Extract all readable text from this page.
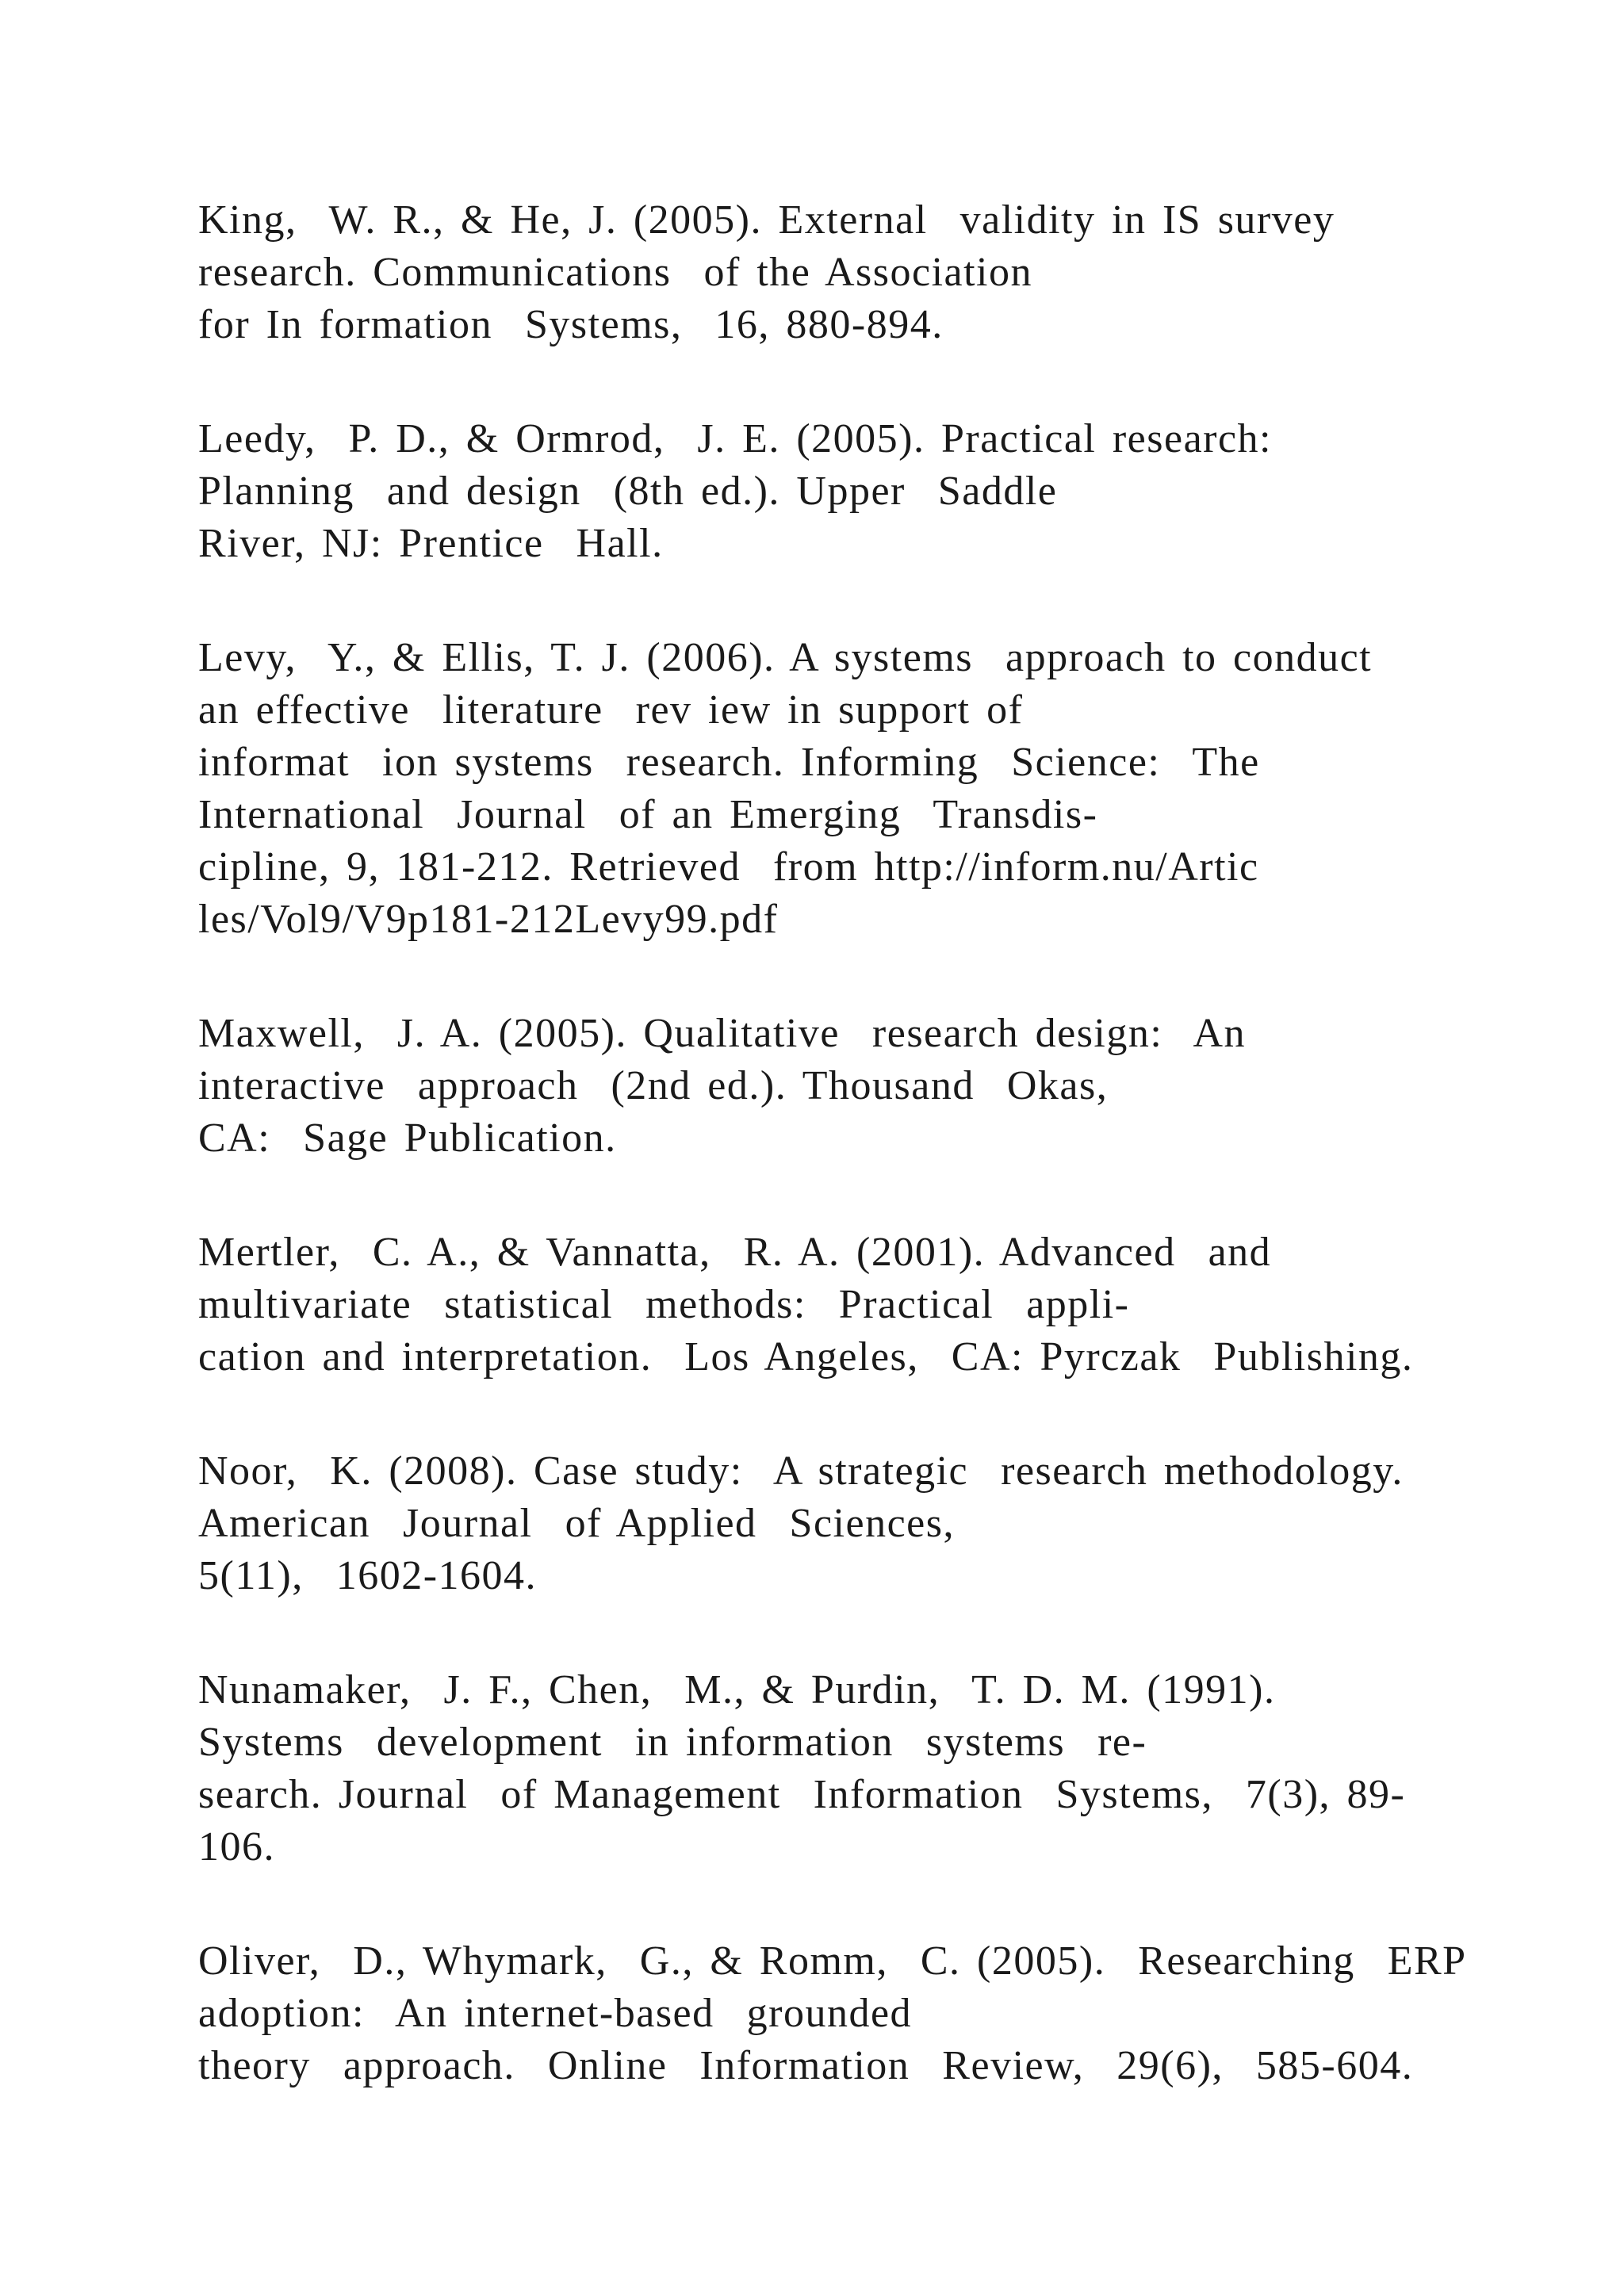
King,  W. R., & He, J. (2005). External  validity in IS survey
research. Communications  of the Association
for In formation  Systems,  16, 880-894.
Leedy,  P. D., & Ormrod,  J. E. (2005). Practical research:
Planning  and design  (8th ed.). Upper  Saddle
River, NJ: Prentice  Hall.
Levy,  Y., & Ellis, T. J. (2006). A systems  approach to conduct
an effective  literature  rev iew in support of
informat  ion systems  research. Informing  Science:  The
International  Journal  of an Emerging  Transdis-
cipline, 9, 181-212. Retrieved  from http://inform.nu/Artic
les/Vol9/V9p181-212Levy99.pdf
Maxwell,  J. A. (2005). Qualitative  research design:  An
interactive  approach  (2nd ed.). Thousand  Okas,
CA:  Sage Publication.
Mertler,  C. A., & Vannatta,  R. A. (2001). Advanced  and
multivariate  statistical  methods:  Practical  appli-
cation and interpretation.  Los Angeles,  CA: Pyrczak  Publishing.
Noor,  K. (2008). Case study:  A strategic  research methodology.
American  Journal  of Applied  Sciences,
5(11),  1602-1604.
Nunamaker,  J. F., Chen,  M., & Purdin,  T. D. M. (1991).
Systems  development  in information  systems  re-
search. Journal  of Management  Information  Systems,  7(3), 89-
106.
Oliver,  D., Whymark,  G., & Romm,  C. (2005).  Researching  ERP
adoption:  An internet-based  grounded
theory  approach.  Online  Information  Review,  29(6),  585-604.
